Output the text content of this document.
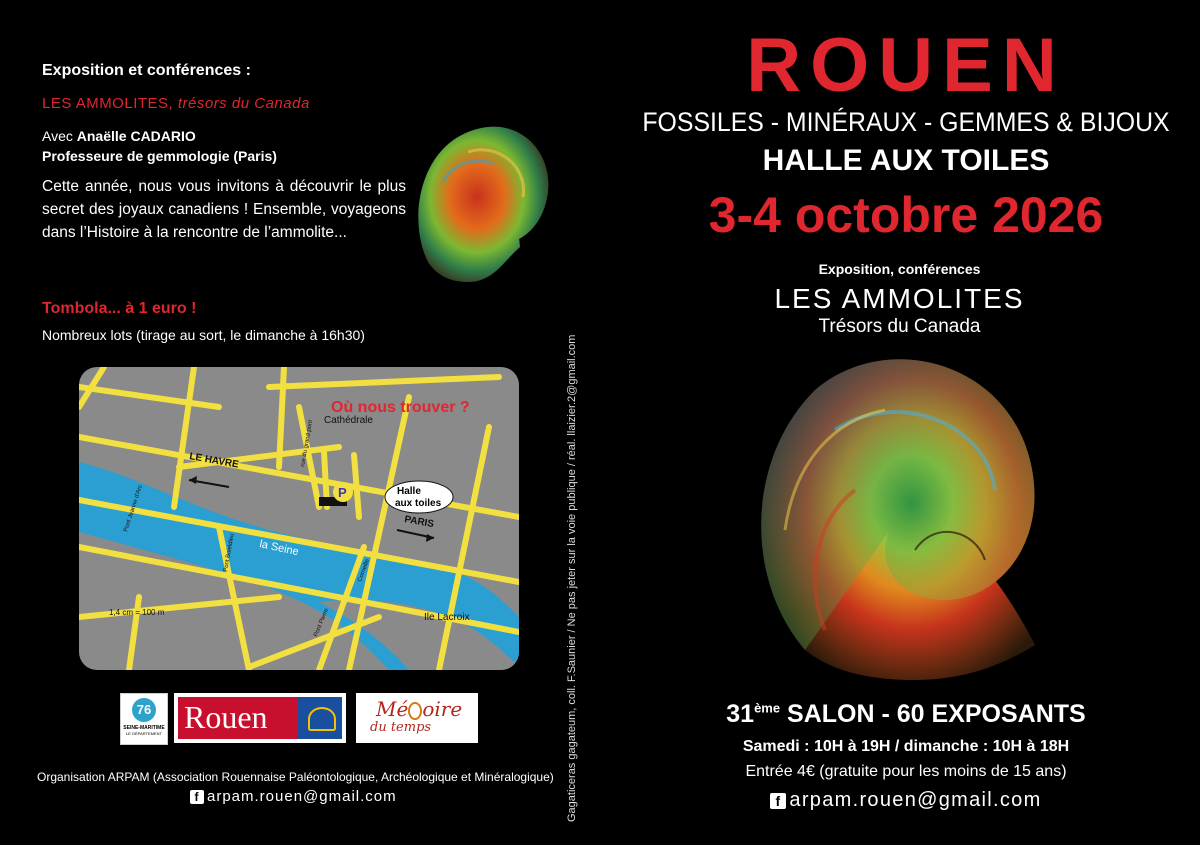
Exposition et conférences :
LES AMMOLITES, trésors du Canada
Avec Anaëlle CADARIO
Professeure de gemmologie (Paris)
Cette année, nous vous invitons à découvrir le plus secret des joyaux canadiens ! Ensemble, voyageons dans l’Histoire à la rencontre de l’ammolite...
Tombola... à 1 euro !
Nombreux lots (tirage au sort, le dimanche à 16h30)
P	Halle
aux toiles
Où nous trouver ?
Cathédrale
LE HAVRE
PARIS
la Seine
Ile Lacroix
1,4 cm = 100 m
rue du grand pont
Pont Jeanne d'Arc
Pont Boieldieu	Corneille
Pont Pierre
76
SEINE-MARITIME
LE DÉPARTEMENT Rouen	Mé oire
du temps
Organisation ARPAM (Association Rouennaise Paléontologique, Archéologique et Minéralogique)
f arpam.rouen@gmail.com	Gagaticeras gagateum, coll. F.Saunier / Ne pas jeter sur la voie publique / réal. llaizier.2@gmail.com
ROUEN
FOSSILES - MINÉRAUX - GEMMES & BIJOUX
HALLE AUX TOILES
3-4 octobre 2026
Exposition, conférences
LES AMMOLITES
Trésors du Canada
31ème SALON - 60 EXPOSANTS
Samedi : 10H à 19H / dimanche : 10H à 18H
Entrée 4€ (gratuite pour les moins de 15 ans)
f arpam.rouen@gmail.com
